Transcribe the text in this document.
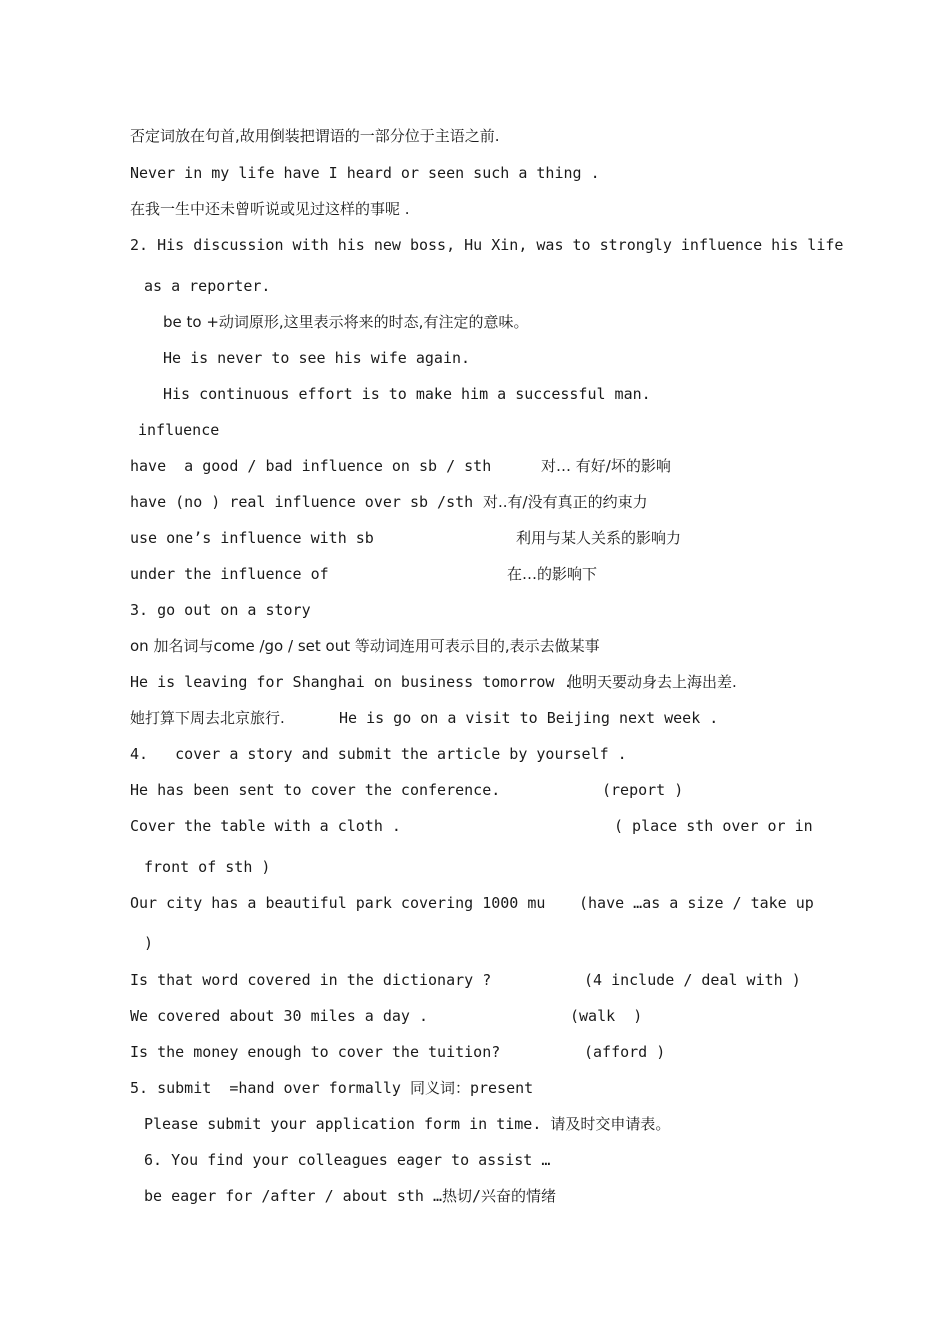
否定词放在句首,故用倒装把谓语的一部分位于主语之前.
Never in my life have I heard or seen such a thing .
在我一生中还未曾听说或见过这样的事呢 .
2. His discussion with his new boss, Hu Xin, was to strongly influence his life
as a reporter.
be to +动词原形,这里表示将来的时态,有注定的意味。
He is never to see his wife again.
His continuous effort is to make him a successful man.
influence
have  a good / bad influence on sb / sth	对… 有好/坏的影响
have (no ) real influence over sb /sth 对..有/没有真正的约束力
use one’s influence with sb	利用与某人关系的影响力
under the influence of	在…的影响下
3. go out on a story
on 加名词与come /go / set out 等动词连用可表示目的,表示去做某事
He is leaving for Shanghai on business tomorrow .
他明天要动身去上海出差.
她打算下周去北京旅行.	He is go on a visit to Beijing next week .
4.   cover a story and submit the article by yourself .
He has been sent to cover the conference.	(report )
Cover the table with a cloth .	( place sth over or in
front of sth )
Our city has a beautiful park covering 1000 mu (have …as a size / take up
)
Is that word covered in the dictionary ?	(4 include / deal with )
We covered about 30 miles a day .	(walk  )
Is the money enough to cover the tuition?	(afford )
5. submit  =hand over formally 同义词：present
Please submit your application form in time. 请及时交申请表。
6. You find your colleagues eager to assist …
be eager for /after / about sth …热切/兴奋的情绪
